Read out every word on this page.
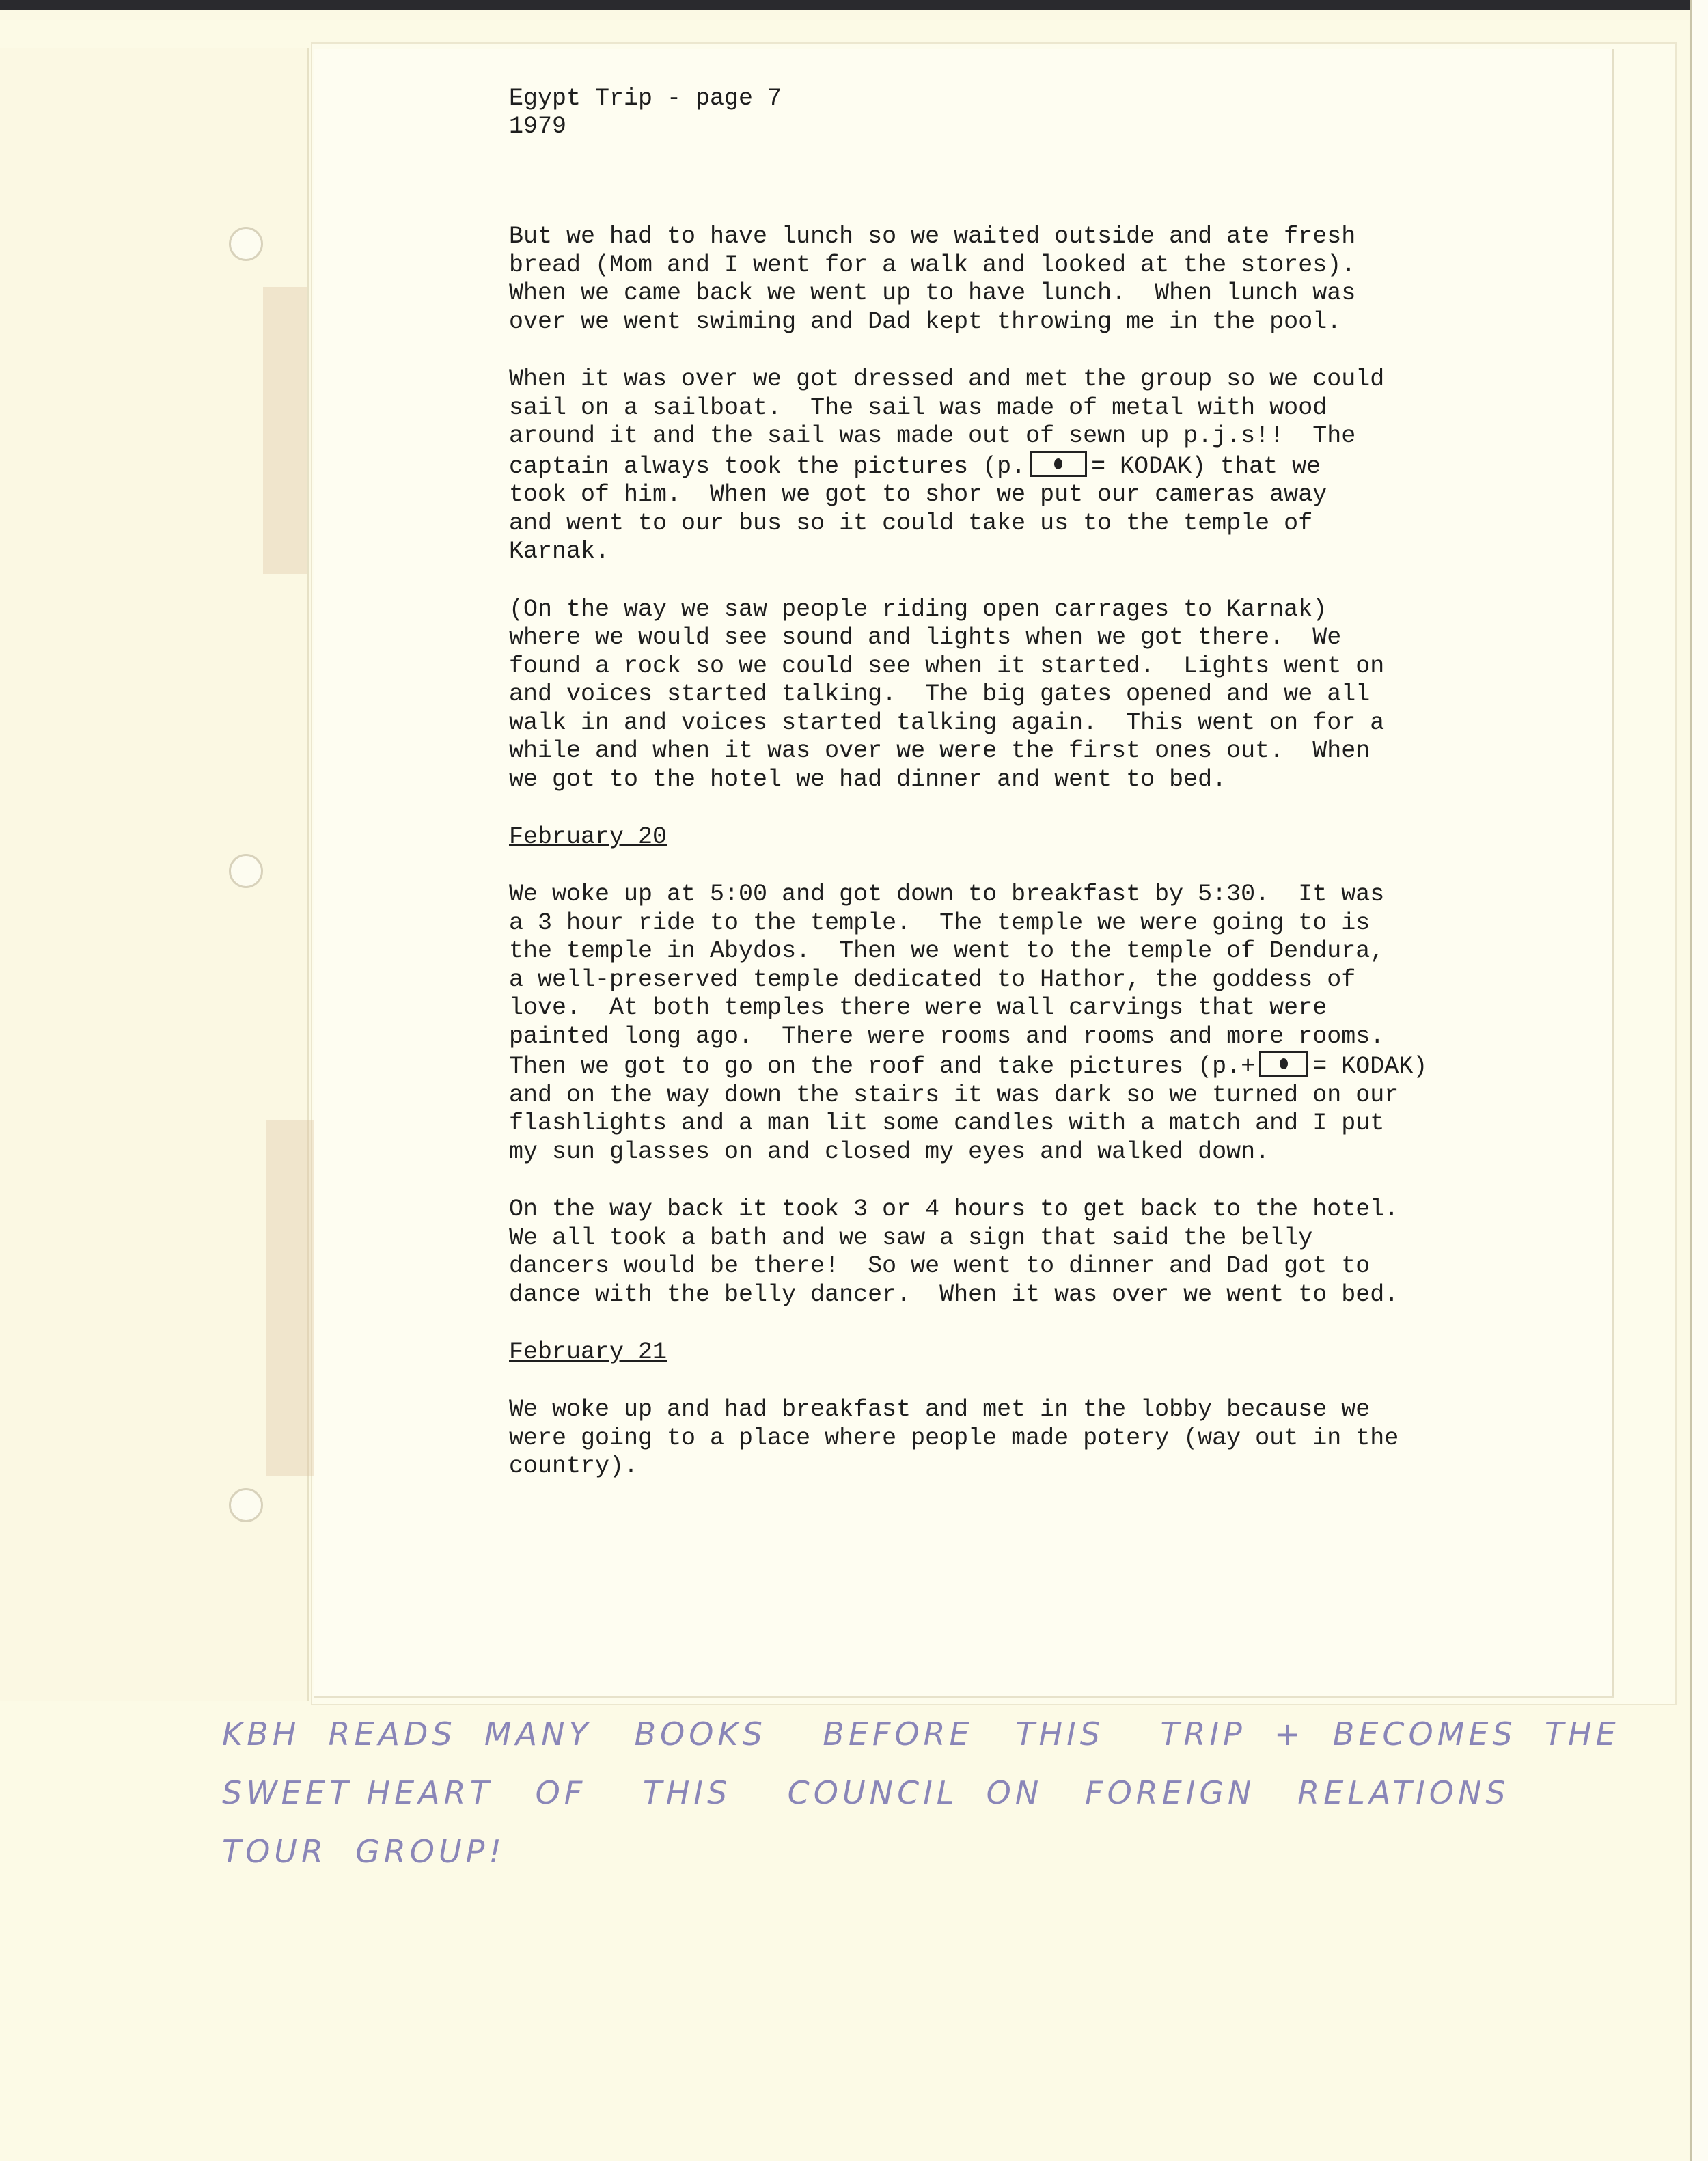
Egypt Trip - page 7
1979
But we had to have lunch so we waited outside and ate fresh
bread (Mom and I went for a walk and looked at the stores).
When we came back we went up to have lunch.  When lunch was
over we went swiming and Dad kept throwing me in the pool.
When it was over we got dressed and met the group so we could
sail on a sailboat.  The sail was made of metal with wood
around it and the sail was made out of sewn up p.j.s!!  The
captain always took the pictures (p.	= KODAK) that we
took of him.  When we got to shor we put our cameras away
and went to our bus so it could take us to the temple of
Karnak.
(On the way we saw people riding open carrages to Karnak)
where we would see sound and lights when we got there.  We
found a rock so we could see when it started.  Lights went on
and voices started talking.  The big gates opened and we all
walk in and voices started talking again.  This went on for a
while and when it was over we were the first ones out.  When
we got to the hotel we had dinner and went to bed.
February 20
We woke up at 5:00 and got down to breakfast by 5:30.  It was
a 3 hour ride to the temple.  The temple we were going to is
the temple in Abydos.  Then we went to the temple of Dendura,
a well-preserved temple dedicated to Hathor, the goddess of
love.  At both temples there were wall carvings that were
painted long ago.  There were rooms and rooms and more rooms.
Then we got to go on the roof and take pictures (p.+ = KODAK)
and on the way down the stairs it was dark so we turned on our
flashlights and a man lit some candles with a match and I put
my sun glasses on and closed my eyes and walked down.
On the way back it took 3 or 4 hours to get back to the hotel.
We all took a bath and we saw a sign that said the belly
dancers would be there!  So we went to dinner and Dad got to
dance with the belly dancer.  When it was over we went to bed.
February 21
We woke up and had breakfast and met in the lobby because we
were going to a place where people made potery (way out in the
country).
KBH  READS  MANY   BOOKS    BEFORE   THIS    TRIP  +  BECOMES  THE
SWEET HEART   OF    THIS    COUNCIL  ON   FOREIGN   RELATIONS
TOUR  GROUP!
